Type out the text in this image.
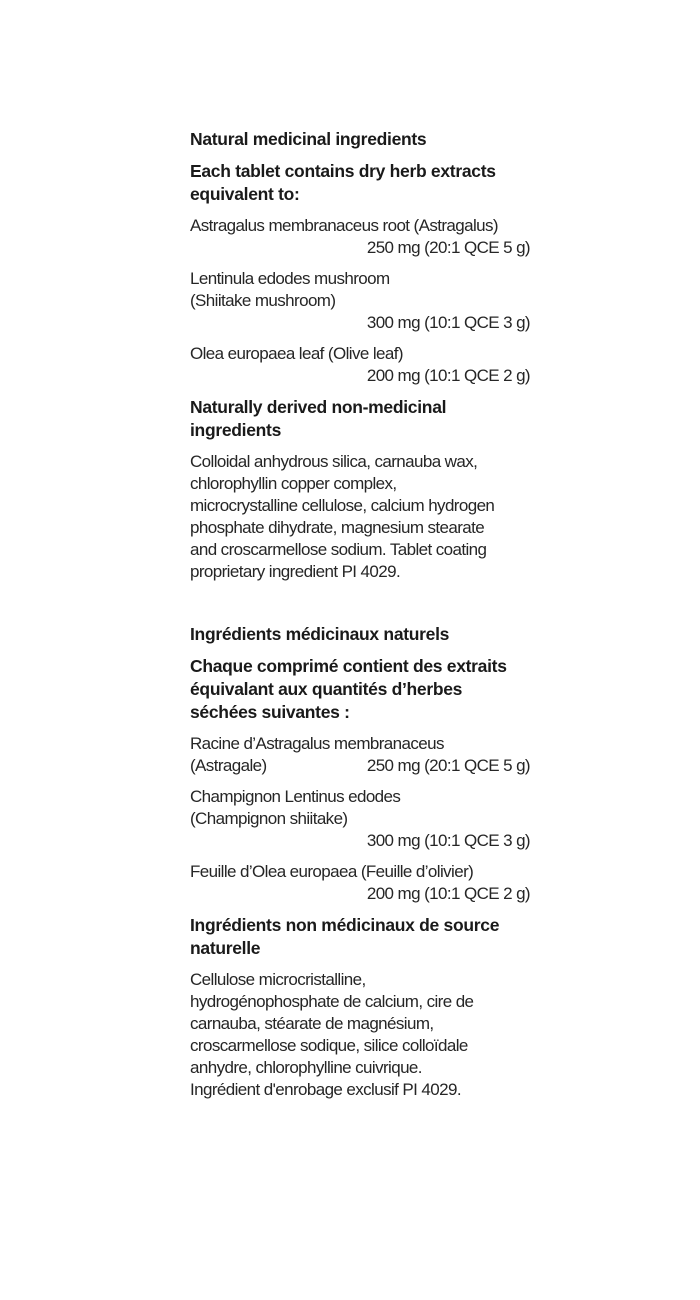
Natural medicinal ingredients
Each tablet contains dry herb extracts
equivalent to:
Astragalus membranaceus root (Astragalus)
250 mg (20:1 QCE 5 g)
Lentinula edodes mushroom
(Shiitake mushroom)
300 mg (10:1 QCE 3 g)
Olea europaea leaf (Olive leaf)
200 mg (10:1 QCE 2 g)
Naturally derived non-medicinal
ingredients
Colloidal anhydrous silica, carnauba wax,
chlorophyllin copper complex,
microcrystalline cellulose, calcium hydrogen
phosphate dihydrate, magnesium stearate
and croscarmellose sodium. Tablet coating
proprietary ingredient PI 4029.
Ingrédients médicinaux naturels
Chaque comprimé contient des extraits
équivalant aux quantités d’herbes
séchées suivantes :
Racine d’Astragalus membranaceus
(Astragale)	250 mg (20:1 QCE 5 g)
Champignon Lentinus edodes
(Champignon shiitake)
300 mg (10:1 QCE 3 g)
Feuille d’Olea europaea (Feuille d’olivier)
200 mg (10:1 QCE 2 g)
Ingrédients non médicinaux de source
naturelle
Cellulose microcristalline,
hydrogénophosphate de calcium, cire de
carnauba, stéarate de magnésium,
croscarmellose sodique, silice colloïdale
anhydre, chlorophylline cuivrique.
Ingrédient d'enrobage exclusif PI 4029.
